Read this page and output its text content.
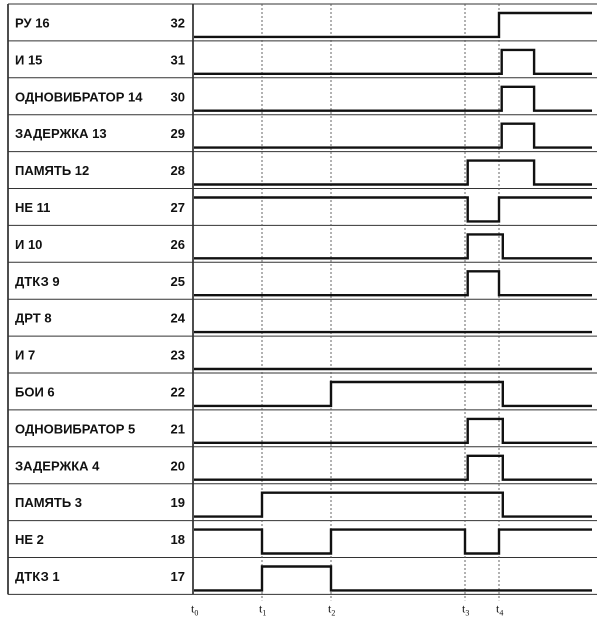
РУ 16	32
И 15	31
ОДНОВИБРАТОР 14 30
ЗАДЕРЖКА 13	29
ПАМЯТЬ 12	28
НЕ 11	27
И 10	26
ДТКЗ 9	25
ДРТ 8	24
И 7	23
БОИ 6	22
ОДНОВИБРАТОР 5	21
ЗАДЕРЖКА 4	20
ПАМЯТЬ 3	19
НЕ 2	18
ДТКЗ 1	17
$t_0$	$t_1$	$t_2$	$t_3$ $t_4$
